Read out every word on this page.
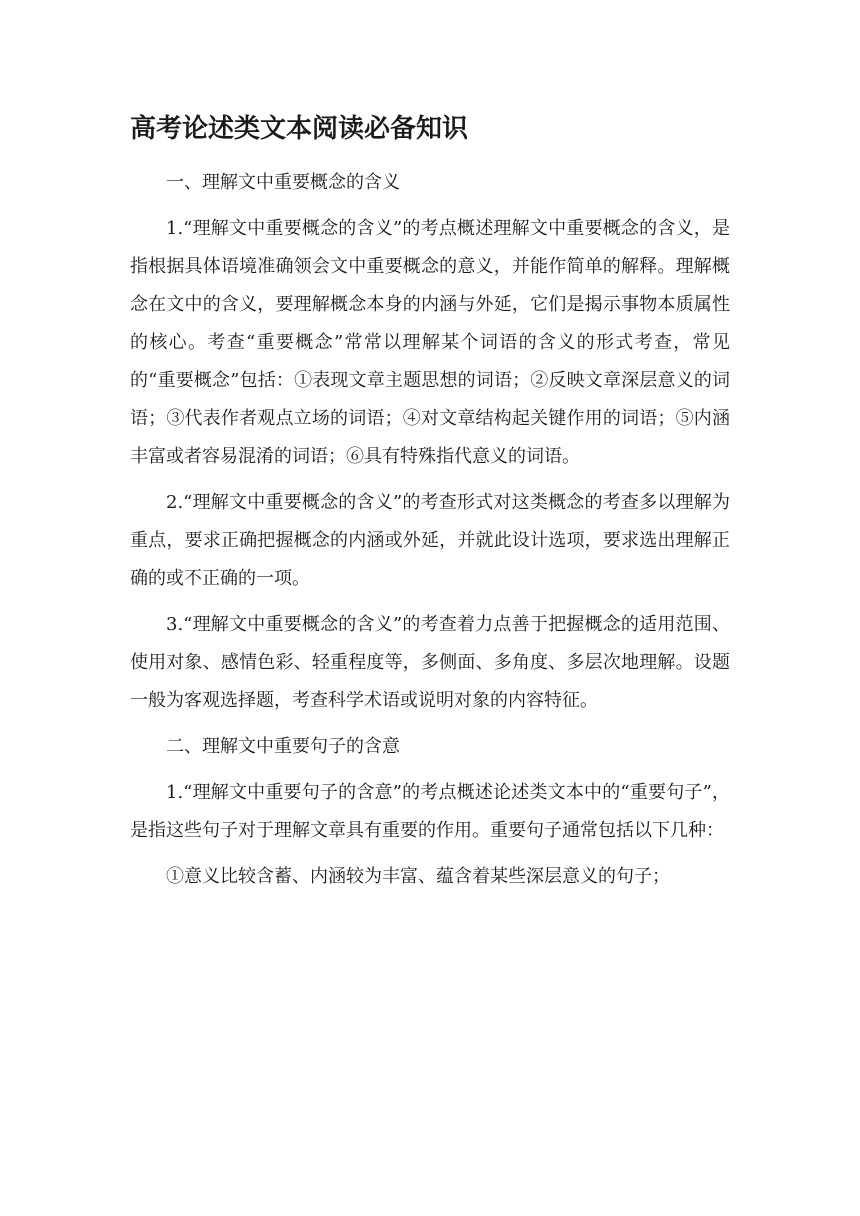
高考论述类文本阅读必备知识

一、理解文中重要概念的含义

1.“理解文中重要概念的含义”的考点概述理解文中重要概念的含义，是指根据具体语境准确领会文中重要概念的意义，并能作简单的解释。理解概念在文中的含义，要理解概念本身的内涵与外延，它们是揭示事物本质属性的核心。考查“重要概念”常常以理解某个词语的含义的形式考查，常见的“重要概念”包括：①表现文章主题思想的词语；②反映文章深层意义的词语；③代表作者观点立场的词语；④对文章结构起关键作用的词语；⑤内涵丰富或者容易混淆的词语；⑥具有特殊指代意义的词语。

2.“理解文中重要概念的含义”的考查形式对这类概念的考查多以理解为重点，要求正确把握概念的内涵或外延，并就此设计选项，要求选出理解正确的或不正确的一项。

3.“理解文中重要概念的含义”的考查着力点善于把握概念的适用范围、使用对象、感情色彩、轻重程度等，多侧面、多角度、多层次地理解。设题一般为客观选择题，考查科学术语或说明对象的内容特征。

二、理解文中重要句子的含意

1.“理解文中重要句子的含意”的考点概述论述类文本中的“重要句子”，是指这些句子对于理解文章具有重要的作用。重要句子通常包括以下几种：

①意义比较含蓄、内涵较为丰富、蕴含着某些深层意义的句子；
